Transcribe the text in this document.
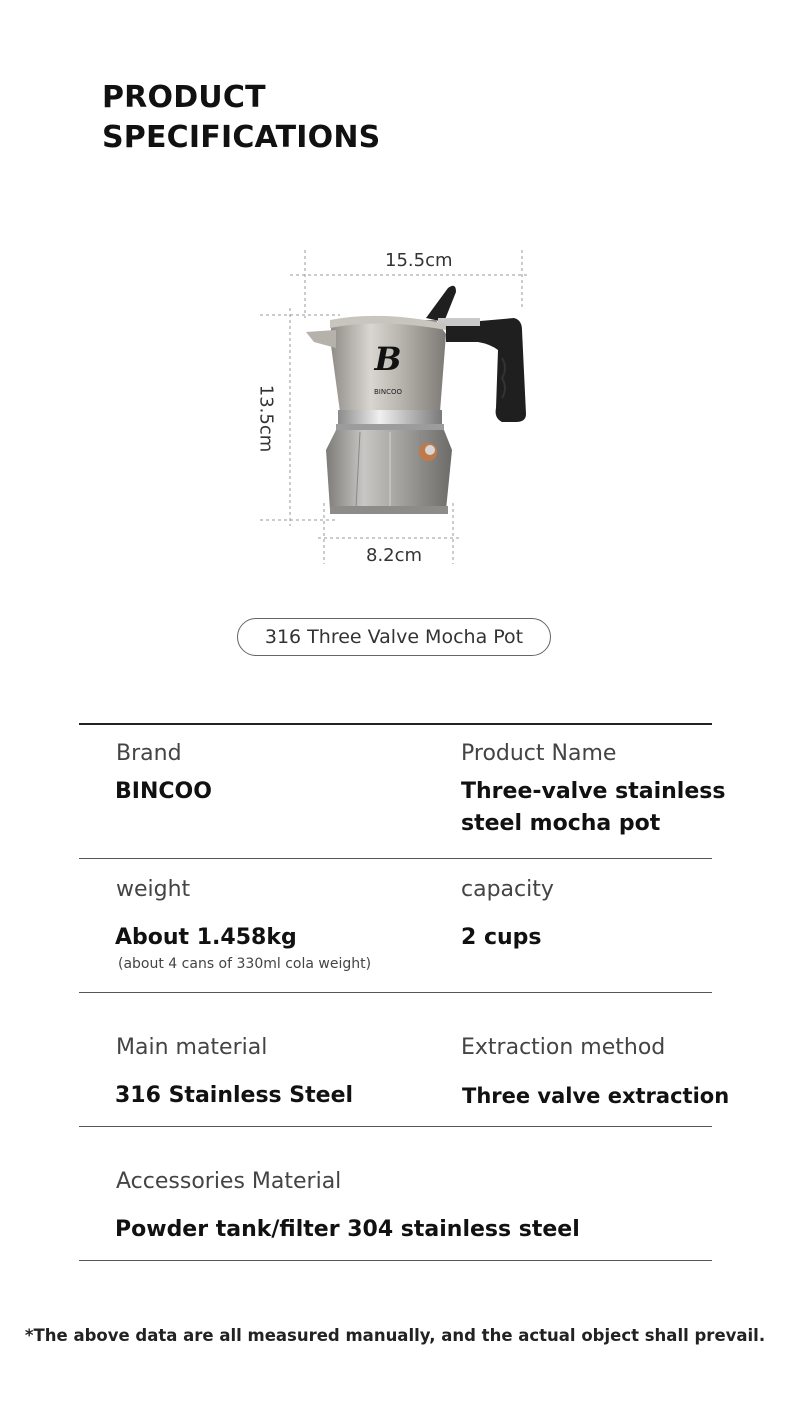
PRODUCT
SPECIFICATIONS
B
BINCOO
15.5cm
13.5cm
8.2cm
316 Three Valve Mocha Pot
Brand
BINCOO
Product Name
Three-valve stainless
steel mocha pot
weight
About 1.458kg
(about 4 cans of 330ml cola weight)
capacity
2 cups
Main material
316 Stainless Steel
Extraction method
Three valve extraction
Accessories Material
Powder tank/filter 304 stainless steel
*The above data are all measured manually, and the actual object shall prevail.
